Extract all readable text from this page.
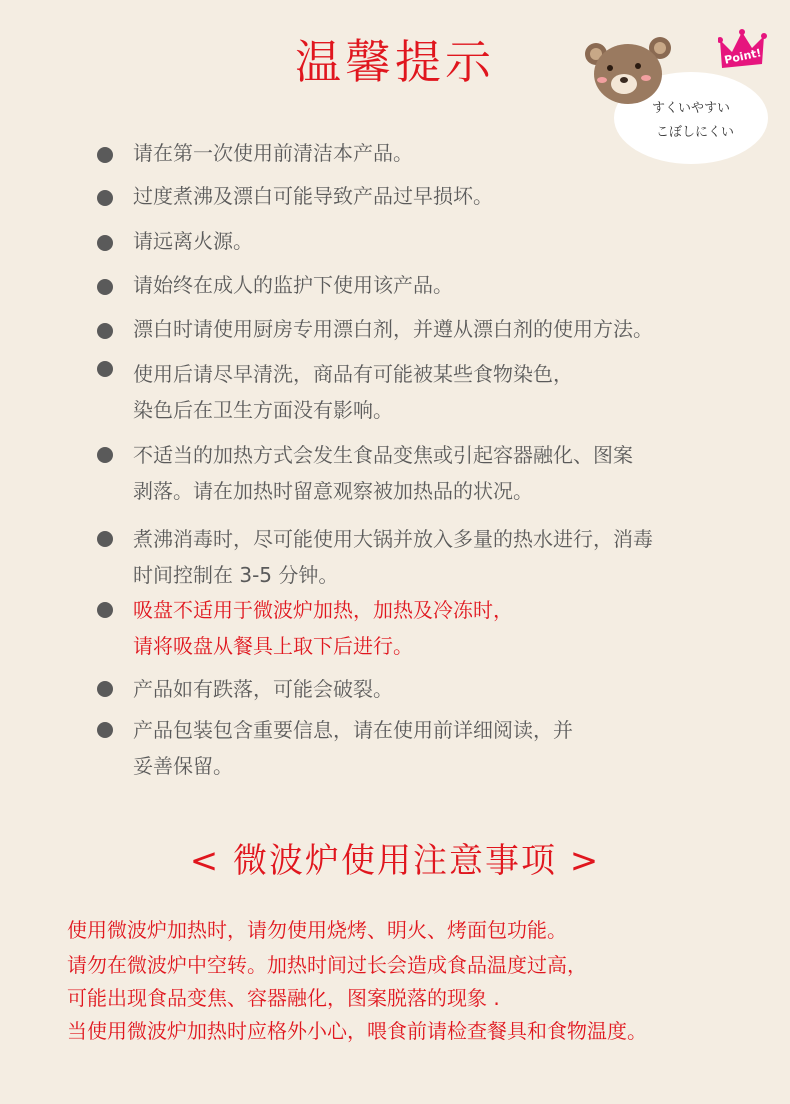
温馨提示	Point!
すくいやすい
こぼしにくい
请在第一次使用前清洁本产品。
过度煮沸及漂白可能导致产品过早损坏。
请远离火源。
请始终在成人的监护下使用该产品。
漂白时请使用厨房专用漂白剂，并遵从漂白剂的使用方法。
使用后请尽早清洗，商品有可能被某些食物染色，
染色后在卫生方面没有影响。
不适当的加热方式会发生食品变焦或引起容器融化、图案
剥落。请在加热时留意观察被加热品的状况。
煮沸消毒时，尽可能使用大锅并放入多量的热水进行，消毒
时间控制在 3-5 分钟。
吸盘不适用于微波炉加热，加热及冷冻时，
请将吸盘从餐具上取下后进行。
产品如有跌落，可能会破裂。
产品包装包含重要信息，请在使用前详细阅读，并
妥善保留。
< 微波炉使用注意事项 >
使用微波炉加热时，请勿使用烧烤、明火、烤面包功能。
请勿在微波炉中空转。加热时间过长会造成食品温度过高，
可能出现食品变焦、容器融化，图案脱落的现象 .
当使用微波炉加热时应格外小心，喂食前请检查餐具和食物温度。
